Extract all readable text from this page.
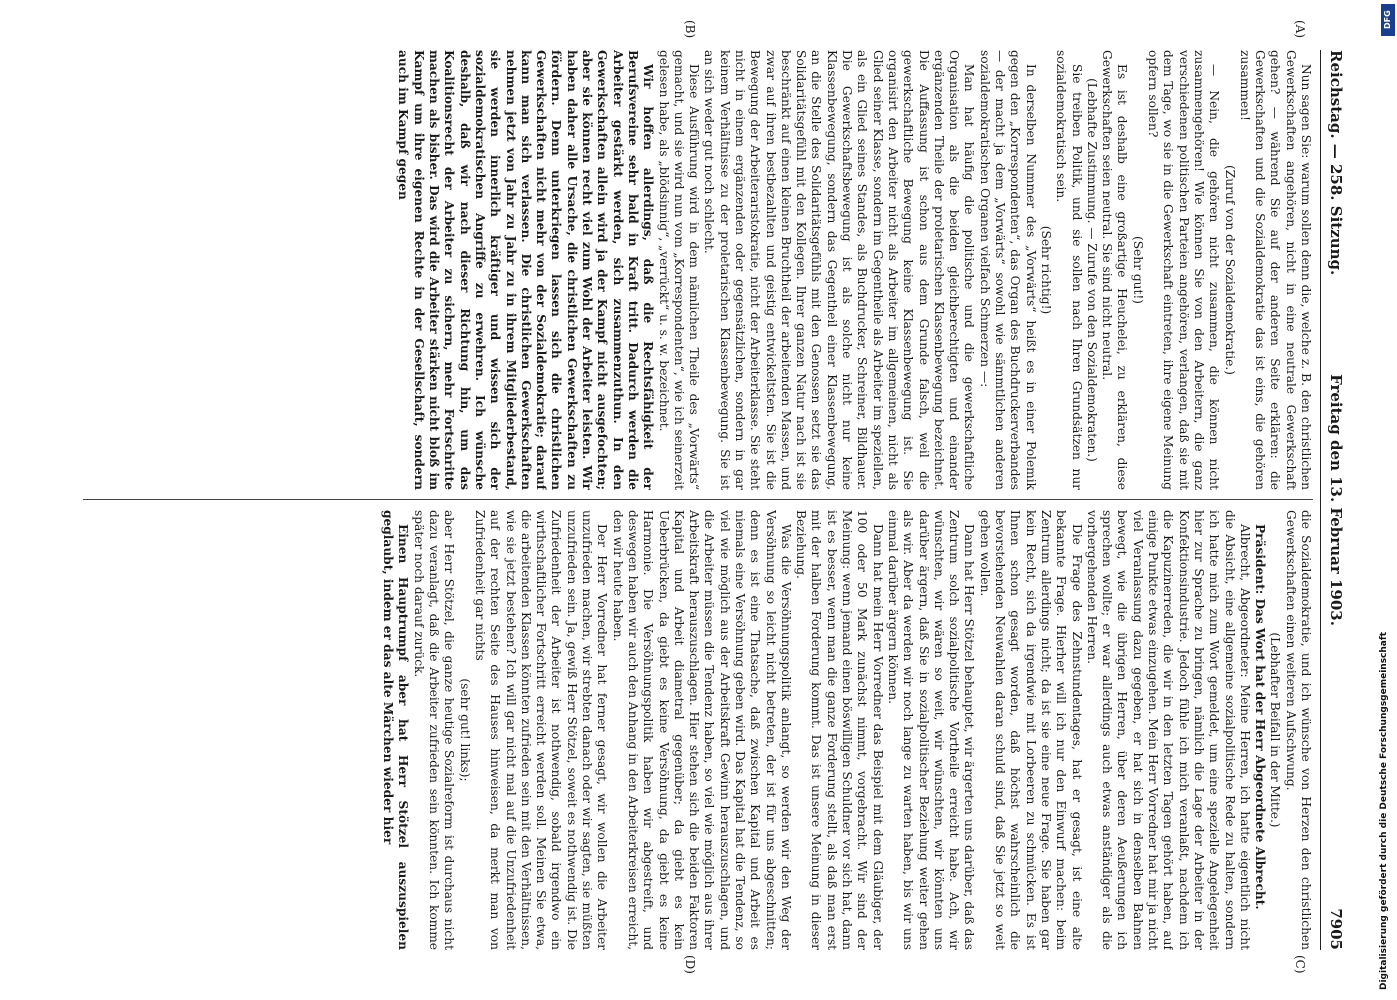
Reichstag. — 258. Sitzung.
Freitag den 13. Februar 1903.
7905

Nun sagen Sie: warum sollen denn die, welche z. B. den christlichen Gewerkschaften angehören, nicht in eine neutrale Gewerkschaft gehen? — während Sie auf der anderen Seite erklären: die Gewerkschaften und die Sozialdemokratie das ist eins, die gehören zusammen!

(Zuruf von der Sozialdemokratie.)

— Nein, die gehören nicht zusammen, die können nicht zusammengehören! Wie können Sie von den Arbeitern, die ganz verschiedenen politischen Parteien angehören, verlangen, daß sie mit dem Tage, wo sie in die Gewerkschaft eintreten, ihre eigene Meinung opfern sollen?

(Sehr gut!)

Es ist deshalb eine großartige Heuchelei, zu erklären, diese Gewerkschaften seien neutral. Sie sind nicht neutral.

(Lebhafte Zustimmung. — Zurufe von den Sozialdemokraten.)

Sie treiben Politik, und sie sollen nach Ihren Grundsätzen nur sozialdemokratisch sein.

(Sehr richtig!)

In derselben Nummer des „Vorwärts“ heißt es in einer Polemik gegen den „Korrespondenten“, das Organ des Buchdruckerverbandes — der macht ja dem „Vorwärts“ sowohl wie sämmtlichen anderen sozialdemokratischen Organen vielfach Schmerzen —:

Man hat häufig die politische und die gewerkschaftliche Organisation als die beiden gleichberechtigten und einander ergänzenden Theile der proletarischen Klassenbewegung bezeichnet. Die Auffassung ist schon aus dem Grunde falsch, weil die gewerkschaftliche Bewegung keine Klassenbewegung ist. Sie organisirt den Arbeiter nicht als Arbeiter im allgemeinen, nicht als Glied seiner Klasse, sondern im Gegentheile als Arbeiter im speziellen, als ein Glied seines Standes, als Buchdrucker, Schreiner, Bildhauer. Die Gewerkschaftsbewegung ist als solche nicht nur keine Klassenbewegung, sondern das Gegentheil einer Klassenbewegung, an die Stelle des Solidaritätsgefühls mit den Genossen setzt sie das Solidaritätsgefühl mit den Kollegen. Ihrer ganzen Natur nach ist sie beschränkt auf einen kleinen Bruchtheil der arbeitenden Massen, und zwar auf ihren bestbezahlten und geistig entwickeltsten. Sie ist die Bewegung der Arbeiteraristokratie, nicht der Arbeiterklasse. Sie steht nicht in einem ergänzenden oder gegensätzlichen, sondern in gar keinem Verhältnisse zu der proletarischen Klassenbewegung. Sie ist an sich weder gut noch schlecht.

Diese Ausführung wird in dem nämlichen Theile des „Vorwärts“ gemacht, und sie wird nun vom „Korrespondenten“, wie ich seinerzeit gelesen habe, als „blödsinnig“, „verrückt“ u. s. w. bezeichnet.

Wir hoffen allerdings, daß die Rechtsfähigkeit der Berufsvereine sehr bald in Kraft tritt. Dadurch werden die Arbeiter gestärkt werden, sich zusammenzuthun. In den Gewerkschaften allein wird ja der Kampf nicht ausgefochten; aber sie können recht viel zum Wohl der Arbeiter leisten. Wir haben daher alle Ursache, die christlichen Gewerkschaften zu fördern. Denn unterkriegen lassen sich die christlichen Gewerkschaften nicht mehr von der Sozialdemokratie; darauf kann man sich verlassen. Die christlichen Gewerkschaften nehmen jetzt von Jahr zu Jahr zu in ihrem Mitgliederbestand, sie werden innerlich kräftiger und wissen sich der sozialdemokratischen Angriffe zu erwehren. Ich wünsche deshalb, daß wir nach dieser Richtung hin, um das Koalitionsrecht der Arbeiter zu sichern, mehr Fortschritte machen als bisher. Das wird die Arbeiter stärken nicht bloß im Kampf um ihre eigenen Rechte in der Gesellschaft, sondern auch im Kampf gegen

die Sozialdemokratie, und ich wünsche von Herzen den christlichen Gewerkschaften einen weiteren Aufschwung.

(Lebhafter Beifall in der Mitte.)

Präsident: Das Wort hat der Herr Abgeordnete Albrecht.

Albrecht, Abgeordneter: Meine Herren, ich hatte eigentlich nicht die Absicht, eine allgemeine sozialpolitische Rede zu halten, sondern ich hatte mich zum Wort gemeldet, um eine spezielle Angelegenheit hier zur Sprache zu bringen, nämlich die Lage der Arbeiter in der Konfektionsindustrie. Jedoch fühle ich mich veranlaßt, nachdem ich die Kapuzinerreden, die wir in den letzten Tagen gehört haben, auf einige Punkte etwas einzugehen. Mein Herr Vorredner hat mir ja nicht viel Veranlassung dazu gegeben, er hat sich in denselben Bahnen bewegt, wie die übrigen Herren, über deren Aeußerungen ich sprechen wollte; er war allerdings auch etwas anständiger als die vorhergehenden Herren.

Die Frage des Zehnstundentages, hat er gesagt, ist eine alte bekannte Frage. Hierher will ich nur den Einwurf machen: beim Zentrum allerdings nicht; da ist sie eine neue Frage. Sie haben gar kein Recht, sich da irgendwie mit Lorbeeren zu schmücken. Es ist Ihnen schon gesagt worden, daß höchst wahrscheinlich die bevorstehenden Neuwahlen daran schuld sind, daß Sie jetzt so weit gehen wollen.

Dann hat Herr Stötzel behauptet, wir ärgerten uns darüber, daß das Zentrum solch sozialpolitische Vortheile erreicht habe. Ach, wir wünschten, wir wären so weit, wir wünschten, wir könnten uns darüber ärgern, daß Sie in sozialpolitischer Beziehung weiter gehen als wir. Aber da werden wir noch lange zu warten haben, bis wir uns einmal darüber ärgern können.

Dann hat mein Herr Vorredner das Beispiel mit dem Gläubiger, der 100 oder 50 Mark zunächst nimmt, vorgebracht. Wir sind der Meinung: wenn jemand einen böswilligen Schuldner vor sich hat, dann ist es besser, wenn man die ganze Forderung stellt, als daß man erst mit der halben Forderung kommt. Das ist unsere Meinung in dieser Beziehung.

Was die Versöhnungspolitik anlangt, so werden wir den Weg der Versöhnung so leicht nicht betreten, der ist für uns abgeschnitten; denn es ist eine Thatsache, daß zwischen Kapital und Arbeit es niemals eine Versöhnung geben wird. Das Kapital hat die Tendenz, so viel wie möglich aus der Arbeitskraft Gewinn herauszuschlagen, und die Arbeiter müssen die Tendenz haben, so viel wie möglich aus ihrer Arbeitskraft herauszuschlagen. Hier stehen sich die beiden Faktoren Kapital und Arbeit diametral gegenüber; da giebt es kein Ueberbrücken, da giebt es keine Versöhnung, da giebt es keine Harmonie. Die Versöhnungspolitik haben wir abgestreift, und deswegen haben wir auch den Anhang in den Arbeiterkreisen erreicht, den wir heute haben.

Der Herr Vorredner hat ferner gesagt, wir wollen die Arbeiter unzufrieden machen, wir strebten danach oder wir sagten, sie müßten unzufrieden sein. Ja, gewiß Herr Stötzel, soweit es nothwendig ist. Die Zufriedenheit der Arbeiter ist nothwendig, sobald irgendwo ein wirthschaftlicher Fortschritt erreicht werden soll. Meinen Sie etwa, die arbeitenden Klassen könnten zufrieden sein mit den Verhältnissen, wie sie jetzt bestehen? Ich will gar nicht mal auf die Unzufriedenheit auf der rechten Seite des Hauses hinweisen, da merkt man von Zufriedenheit gar nichts

(sehr gut! links);

aber Herr Stötzel, die ganze heutige Sozialreform ist durchaus nicht dazu veranlagt, daß die Arbeiter zufrieden sein könnten. Ich komme später noch darauf zurück.

Einen Hauptrumpf aber hat Herr Stötzel auszuspielen geglaubt, indem er das alte Märchen wieder hier

(A)
(B)
(C)
(D)
DFG
Digitalisierung gefördert durch die Deutsche Forschungsgemeinschaft
